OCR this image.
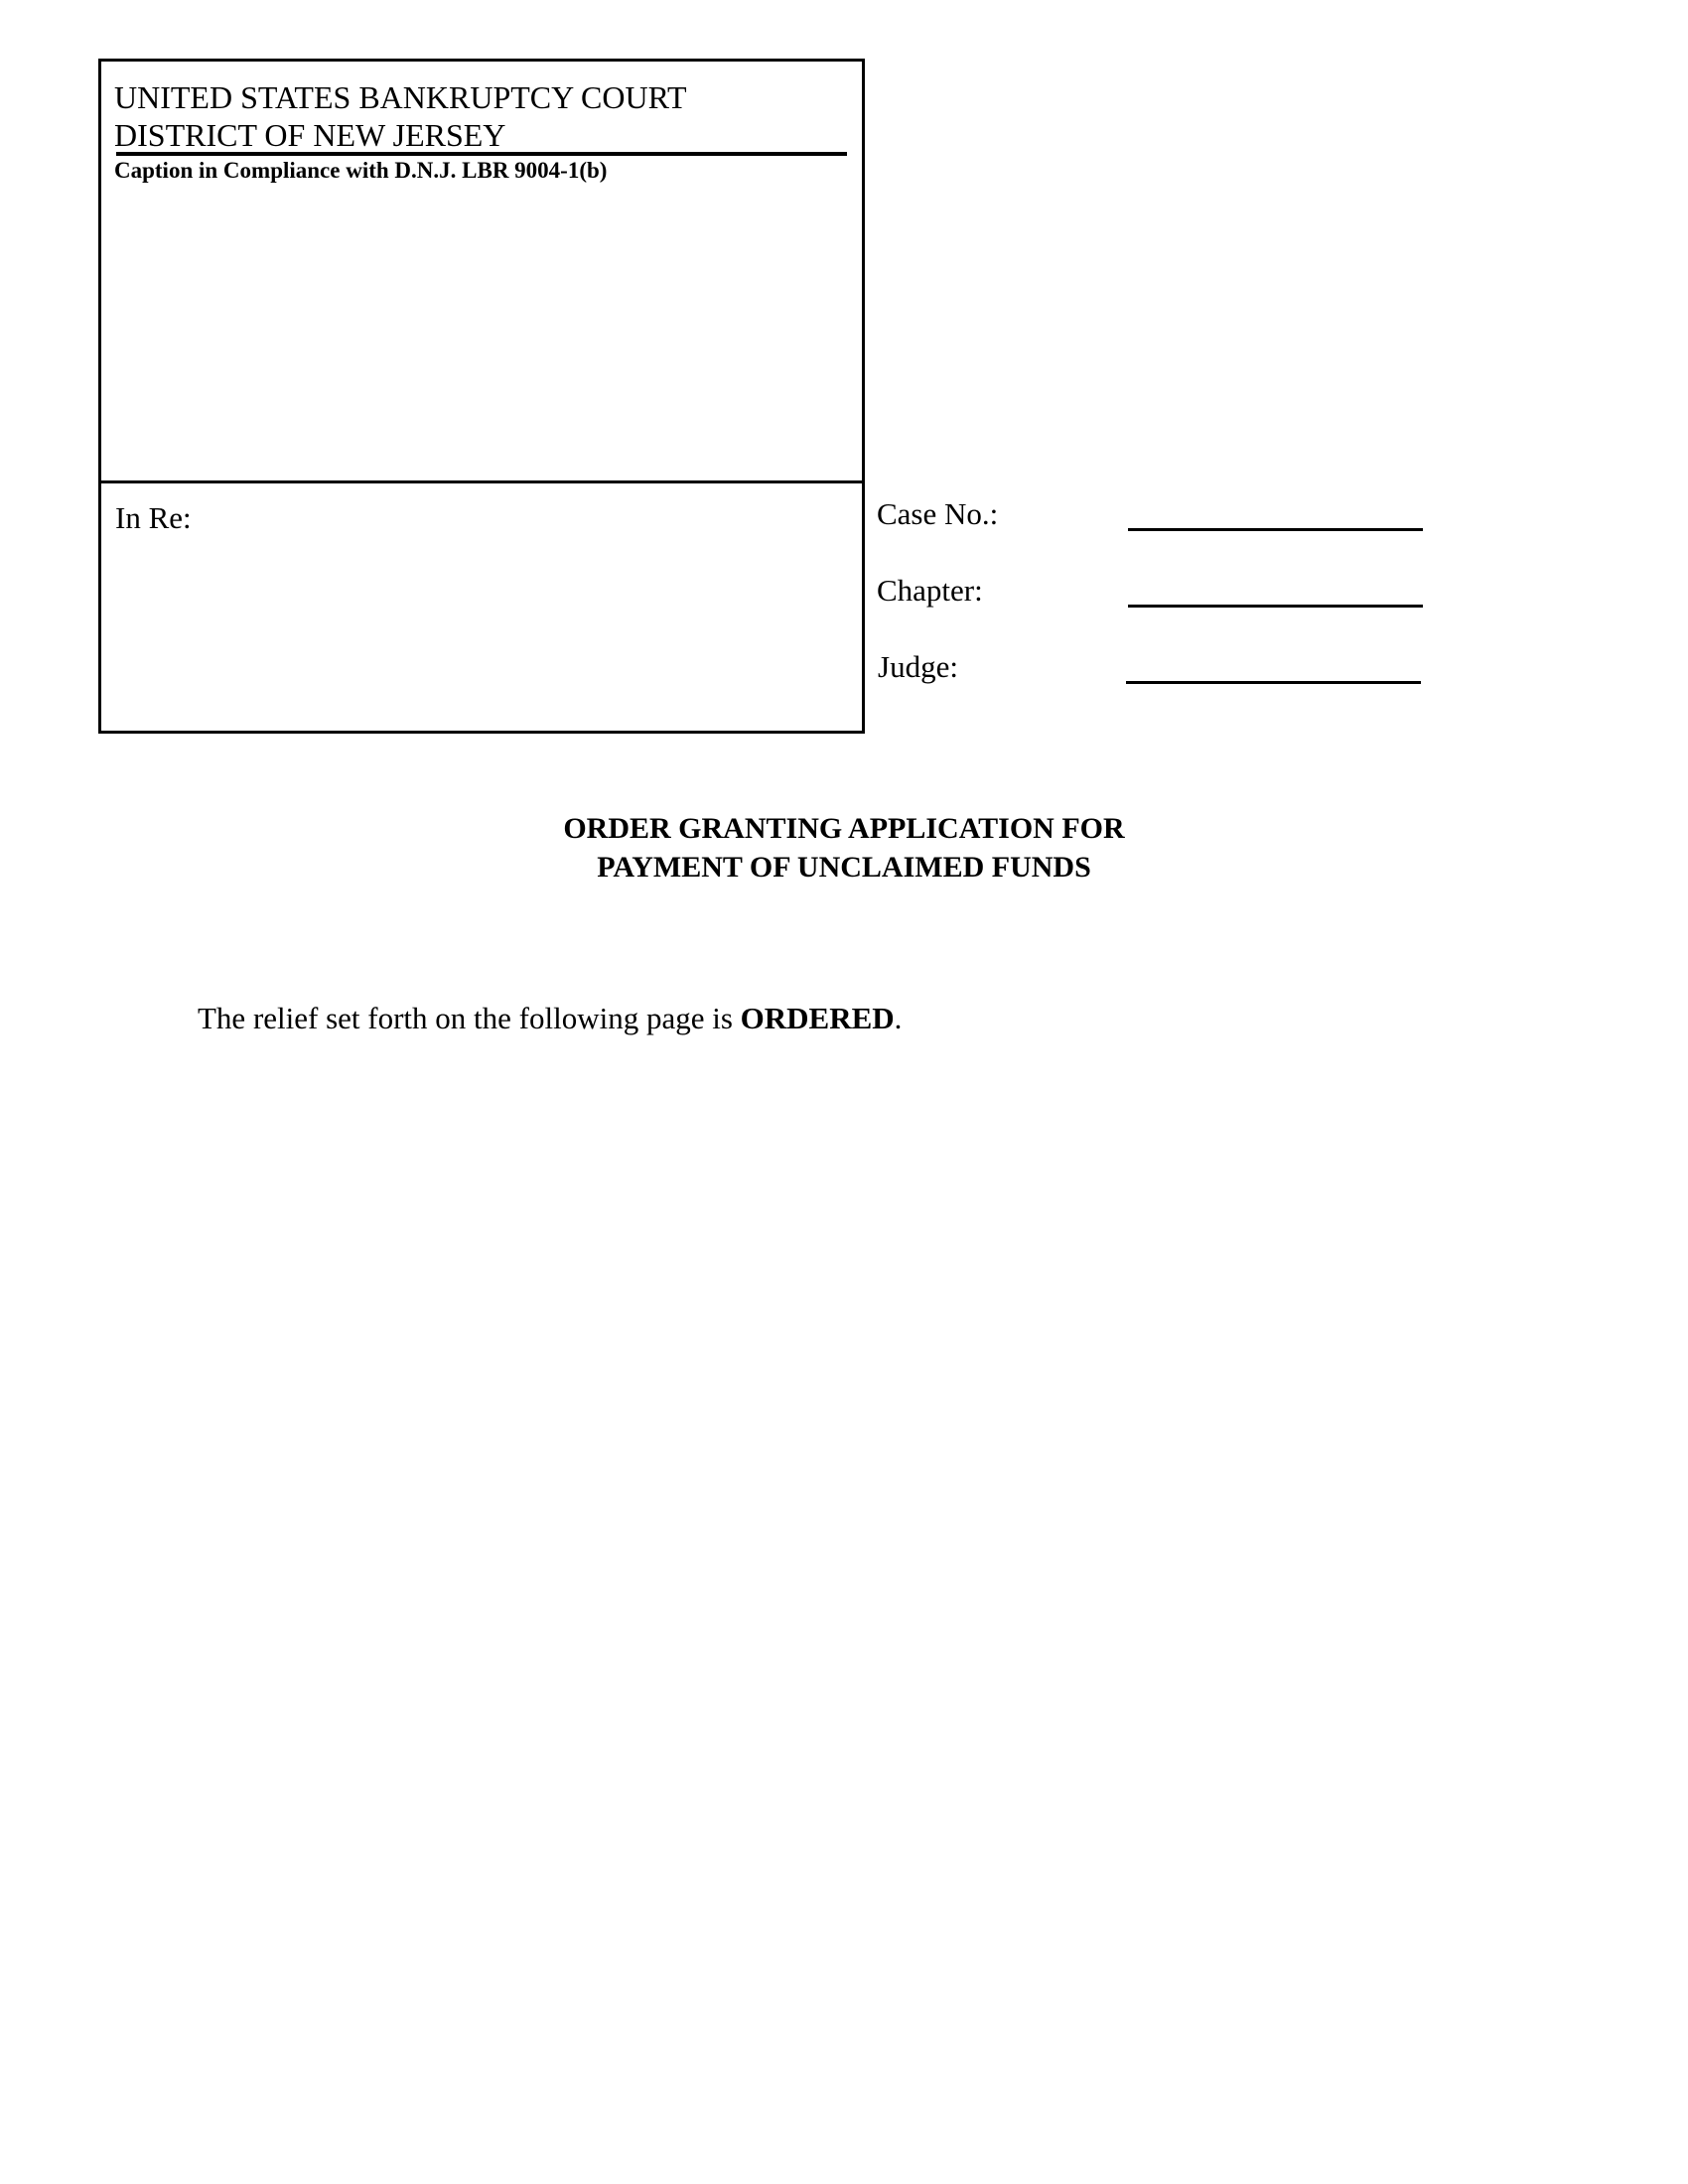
UNITED STATES BANKRUPTCY COURT
DISTRICT OF NEW JERSEY
Caption in Compliance with D.N.J. LBR 9004-1(b)
In Re:	Case No.:
Chapter:
Judge:
ORDER GRANTING APPLICATION FOR
PAYMENT OF UNCLAIMED FUNDS
The relief set forth on the following page is ORDERED.
